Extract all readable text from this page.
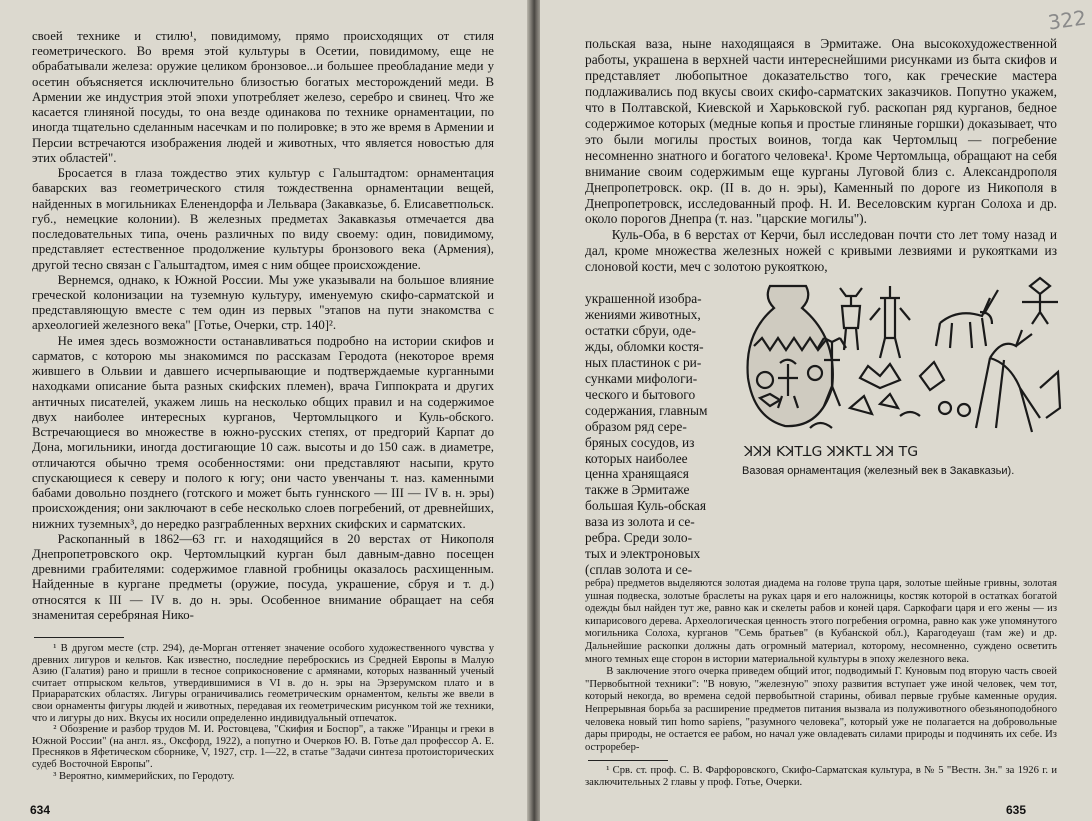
своей технике и стилю¹, повидимому, прямо происходящих от стиля геометрического. Во время этой культуры в Осетии, повидимому, еще не обрабатывали железа: оружие целиком бронзовое...и большее преобладание меди у осетин объясняется исключительно близостью богатых месторождений меди. В Армении же индустрия этой эпохи употребляет железо, серебро и свинец. Что же касается глиняной посуды, то она везде одинакова по технике орнаментации, по иногда тщательно сделанным насечкам и по полировке; в это же время в Армении и Персии встречаются изображения людей и животных, что является новостью для этих областей".

Бросается в глаза тождество этих культур с Гальштадтом: орнаментация баварских ваз геометрического стиля тождественна орнаментации вещей, найденных в могильниках Еленендорфа и Лельвара (Закавказье, б. Елисаветпольск. губ., немецкие колонии). В железных предметах Закавказья отмечается два последовательных типа, очень различных по виду своему: один, повидимому, представляет естественное продолжение культуры бронзового века (Армения), другой тесно связан с Гальштадтом, имея с ним общее происхождение.

Вернемся, однако, к Южной России. Мы уже указывали на большое влияние греческой колонизации на туземную культуру, именуемую скифо-сарматской и представляющую вместе с тем один из первых "этапов на пути знакомства с археологией железного века" [Готье, Очерки, стр. 140]².

Не имея здесь возможности останавливаться подробно на истории скифов и сарматов, с которою мы знакомимся по рассказам Геродота (некоторое время жившего в Ольвии и давшего исчерпывающие и подтверждаемые курганными находками описание быта разных скифских племен), врача Гиппократа и других античных писателей, укажем лишь на несколько общих правил и на содержимое двух наиболее интересных курганов, Чертомлыцкого и Куль-обского. Встречающиеся во множестве в южно-русских степях, от предгорий Карпат до Дона, могильники, иногда достигающие 10 саж. высоты и до 150 саж. в диаметре, отличаются обычно тремя особенностями: они представляют насыпи, круто спускающиеся к северу и полого к югу; они часто увенчаны т. наз. каменными бабами довольно позднего (готского и может быть гуннского — III — IV в. н. эры) происхождения; они заключают в себе несколько слоев погребений, от древнейших, нижних туземных³, до нередко разграбленных верхних скифских и сарматских.

Раскопанный в 1862—63 гг. и находящийся в 20 верстах от Никополя Днепропетровского окр. Чертомлыцкий курган был давным-давно посещен древними грабителями: содержимое главной гробницы оказалось расхищенным. Найденные в кургане предметы (оружие, посуда, украшение, сбруя и т. д.) относятся к III — IV в. до н. эры. Особенное внимание обращает на себя знаменитая серебряная Нико-

¹ В другом месте (стр. 294), де-Морган оттеняет значение особого художественного чувства у древних лигуров и кельтов. Как известно, последние переброскись из Средней Европы в Малую Азию (Галатия) рано и пришли в тесное соприкосновение с армянами, которых названный ученый считает отпрыском кельтов, утвердившимися в VI в. до н. эры на Эрзерумском плато и в Приараратских областях. Лигуры ограничивались геометрическим орнаментом, кельты же ввели в свои орнаменты фигуры людей и животных, передавая их геометрическим рисунком той же техники, что и лигуры до них. Вкусы их носили определенно индивидуальный отпечаток.

² Обозрение и разбор трудов М. И. Ростовцева, "Скифия и Боспор", а также "Иранцы и греки в Южной России" (на англ. яз., Оксфорд, 1922), а попутно и Очерков Ю. В. Готье дал профессор А. Е. Пресняков в Яфетическом сборнике, V, 1927, стр. 1—22, в статье "Задачи синтеза протоисторических судеб Восточной Европы".

³ Вероятно, киммерийских, по Геродоту.

634
322

польская ваза, ныне находящаяся в Эрмитаже. Она высокохудожественной работы, украшена в верхней части интереснейшими рисунками из быта скифов и представляет любопытное доказательство того, как греческие мастера подлаживались под вкусы своих скифо-сарматских заказчиков. Попутно укажем, что в Полтавской, Киевской и Харьковской губ. раскопан ряд курганов, бедное содержимое которых (медные копья и простые глиняные горшки) доказывает, что это были могилы простых воинов, тогда как Чертомлыц — погребение несомненно знатного и богатого человека¹. Кроме Чертомлыца, обращают на себя внимание своим содержимым еще курганы Луговой близ с. Александрополя Днепропетровск. окр. (II в. до н. эры), Каменный по дороге из Никополя в Днепропетровск, исследованный проф. Н. И. Веселовским курган Солоха и др. около порогов Днепра (т. наз. "царские могилы").

Куль-Оба, в 6 верстах от Керчи, был исследован почти сто лет тому назад и дал, кроме множества железных ножей с кривыми лезвиями и рукоятками из слоновой кости, меч с золотою рукояткою,

украшенной изобра-
жениями животных,
остатки сбруи, оде-
жды, обломки костя-
ных пластинок с ри-
сунками мифологи-
ческого и бытового
содержания, главным
образом ряд сере-
бряных сосудов, из
которых наиболее
ценна хранящаяся
также в Эрмитаже
большая Куль-обская
ваза из золота и се-
ребра. Среди золо-
тых и электроновых
(сплав золота и се-
ꓘꓘꓘ ꓗꓘꓔꓕꓖ ꓘꓘꓗꓔꓕ ꓘꓘ ꓔꓖ
Вазовая орнаментация (железный век в Закавказьи).

ребра) предметов выделяются золотая диадема на голове трупа царя, золотые шейные гривны, золотая ушная подвеска, золотые браслеты на руках царя и его наложницы, костяк которой в остатках богатой одежды был найден тут же, равно как и скелеты рабов и коней царя. Саркофаги царя и его жены — из кипарисового дерева. Археологическая ценность этого погребения огромна, равно как уже упомянутого могильника Солоха, курганов "Семь братьев" (в Кубанской обл.), Карагодеуаш (там же) и др. Дальнейшие раскопки должны дать огромный материал, которому, несомненно, суждено осветить много темных еще сторон в истории материальной культуры в эпоху железного века.

В заключение этого очерка приведем общий итог, подводимый Г. Куновым под вторую часть своей "Первобытной техники": "В новую, "железную" эпоху развития вступает уже иной человек, чем тот, который некогда, во времена седой первобытной старины, обивал первые грубые каменные орудия. Непрерывная борьба за расширение предметов питания вызвала из полуживотного обезьяноподобного человека новый тип homo sapiens, "разумного человека", который уже не полагается на добровольные дары природы, не остается ее рабом, но начал уже овладевать силами природы и подчинять их себе. Из остроребер-

¹ Срв. ст. проф. С. В. Фарфоровского, Скифо-Сарматская культура, в № 5 "Вестн. Зн." за 1926 г. и заключительных 2 главы у проф. Готье, Очерки.

635
